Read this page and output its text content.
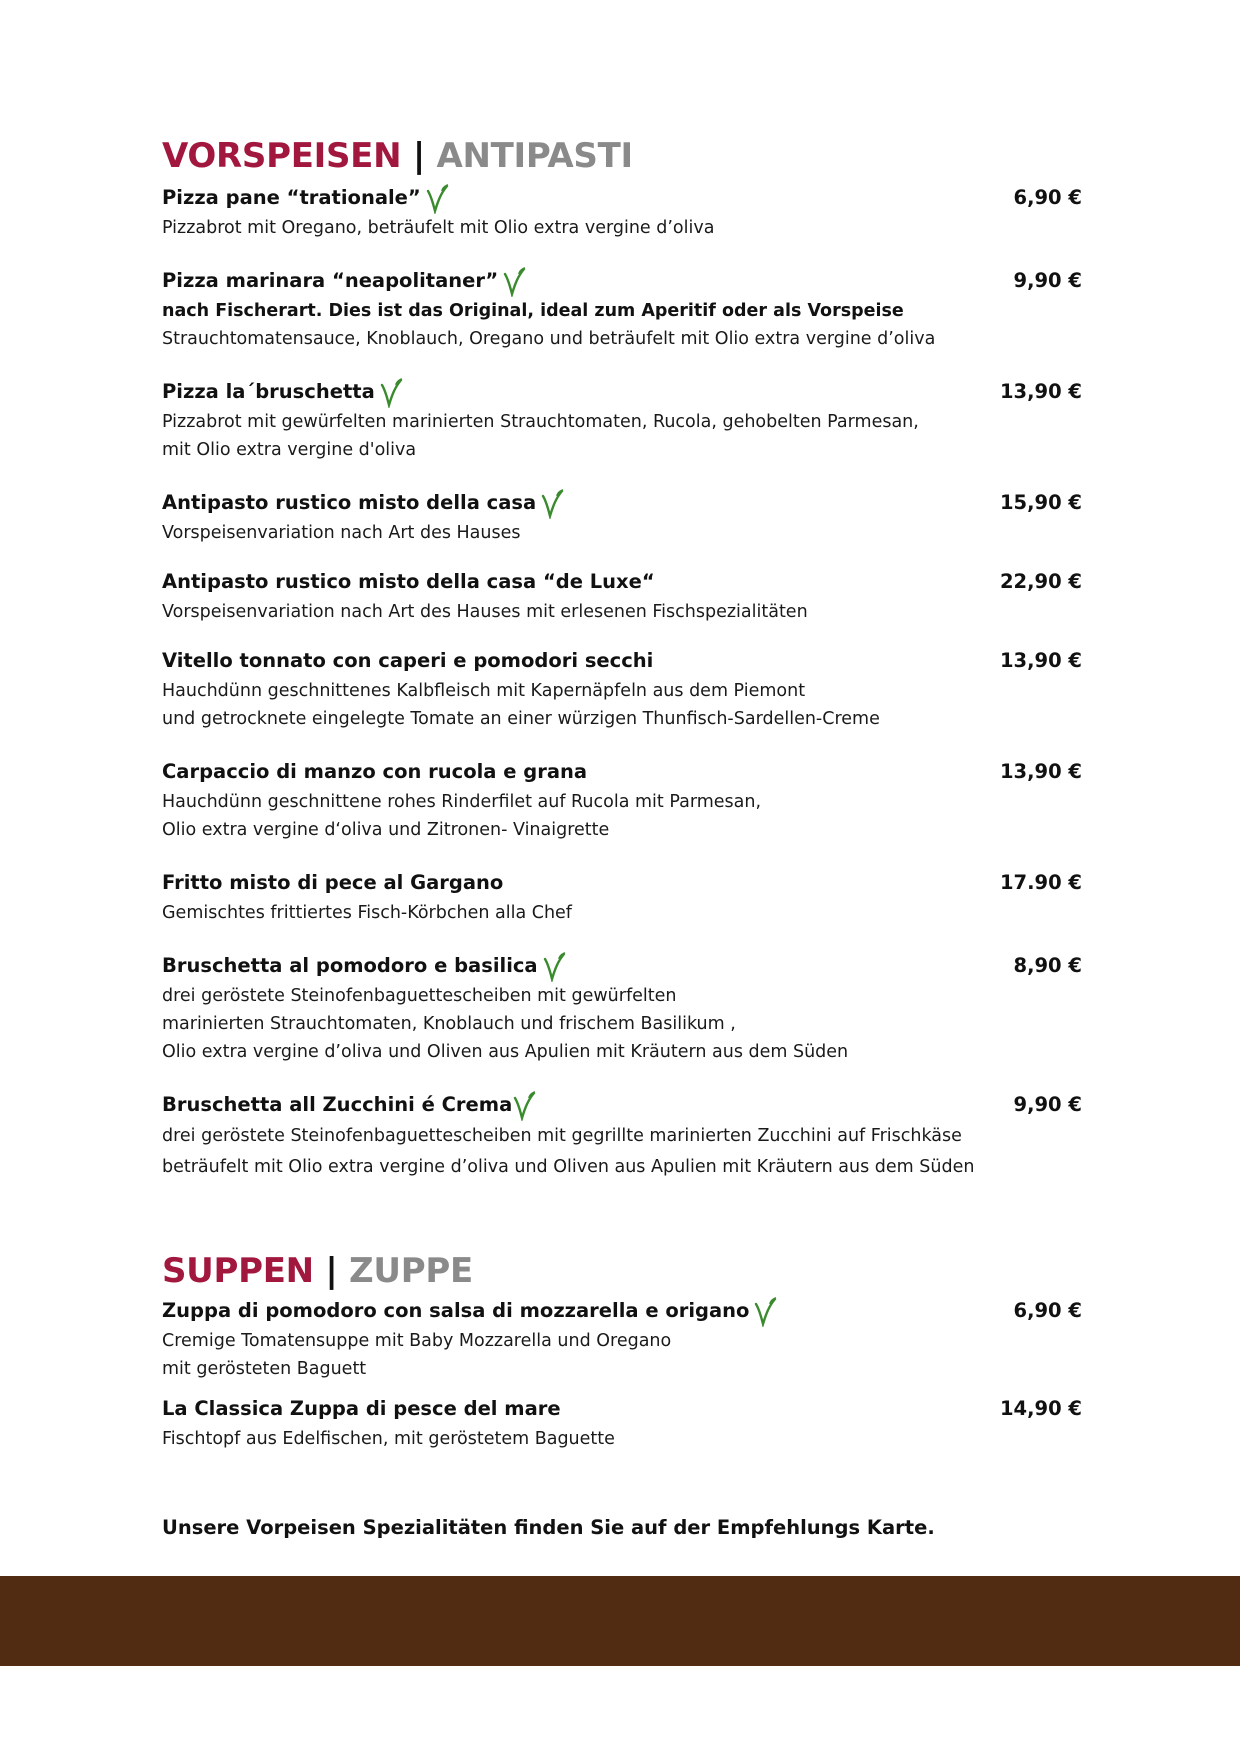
VORSPEISEN | ANTIPASTI
Pizza pane “trationale”	6,90 €
Pizzabrot mit Oregano, beträufelt mit Olio extra vergine d’oliva
Pizza marinara “neapolitaner”	9,90 €
nach Fischerart. Dies ist das Original, ideal zum Aperitif oder als Vorspeise
Strauchtomatensauce, Knoblauch, Oregano und beträufelt mit Olio extra vergine d’oliva
Pizza la´bruschetta	13,90 €
Pizzabrot mit gewürfelten marinierten Strauchtomaten, Rucola, gehobelten Parmesan,
mit Olio extra vergine d'oliva
Antipasto rustico misto della casa	15,90 €
Vorspeisenvariation nach Art des Hauses
Antipasto rustico misto della casa “de Luxe“	22,90 €
Vorspeisenvariation nach Art des Hauses mit erlesenen Fischspezialitäten
Vitello tonnato con caperi e pomodori secchi	13,90 €
Hauchdünn geschnittenes Kalbfleisch mit Kapernäpfeln aus dem Piemont
und getrocknete eingelegte Tomate an einer würzigen Thunfisch-Sardellen-Creme
Carpaccio di manzo con rucola e grana	13,90 €
Hauchdünn geschnittene rohes Rinderfilet auf Rucola mit Parmesan,
Olio extra vergine d‘oliva und Zitronen- Vinaigrette
Fritto misto di pece al Gargano	17.90 €
Gemischtes frittiertes Fisch-Körbchen alla Chef
Bruschetta al pomodoro e basilica	8,90 €
drei geröstete Steinofenbaguettescheiben mit gewürfelten
marinierten Strauchtomaten, Knoblauch und frischem Basilikum ,
Olio extra vergine d’oliva und Oliven aus Apulien mit Kräutern aus dem Süden
Bruschetta all Zucchini é Crema	9,90 €
drei geröstete Steinofenbaguettescheiben mit gegrillte marinierten Zucchini auf Frischkäse
beträufelt mit Olio extra vergine d’oliva und Oliven aus Apulien mit Kräutern aus dem Süden
SUPPEN | ZUPPE
Zuppa di pomodoro con salsa di mozzarella e origano	6,90 €
Cremige Tomatensuppe mit Baby Mozzarella und Oregano
mit gerösteten Baguett
La Classica Zuppa di pesce del mare	14,90 €
Fischtopf aus Edelfischen, mit geröstetem Baguette
Unsere Vorpeisen Spezialitäten finden Sie auf der Empfehlungs Karte.
